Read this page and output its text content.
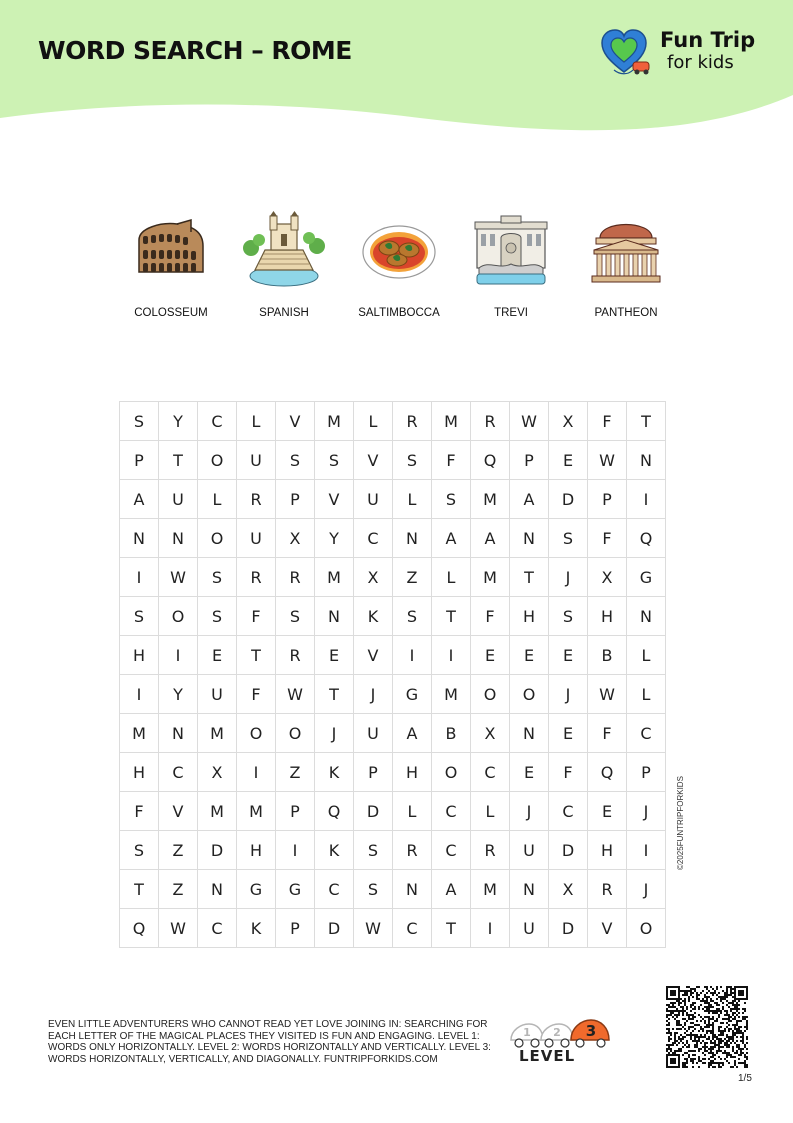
WORD SEARCH – ROME	Fun Trip
for kids
COLOSSEUM	SPANISH	SALTIMBOCCA	TREVI	PANTHEON
S	Y	C	L	V	M	L	R	M	R	W	X	F	T
P	T	O	U	S	S	V	S	F	Q	P	E	W	N
A	U	L	R	P	V	U	L	S	M	A	D	P	I
N	N	O	U	X	Y	C	N	A	A	N	S	F	Q
I	W	S	R	R	M	X	Z	L	M	T	J	X	G
S	O	S	F	S	N	K	S	T	F	H	S	H	N
H	I	E	T	R	E	V	I	I	E	E	E	B	L
I	Y	U	F	W	T	J	G	M	O	O	J	W	L
M	N	M	O	O	J	U	A	B	X	N	E	F	C
H	C	X	I	Z	K	P	H	O	C	E	F	Q	P
F	V	M	M	P	Q	D	L	C	L	J	C	E	J
S	Z	D	H	I	K	S	R	C	R	U	D	H	I
T	Z	N	G	G	C	S	N	A	M	N	X	R	J
Q	W	C	K	P	D	W	C	T	I	U	D	V	O
©2025FUNTRIPFORKIDS

EVEN LITTLE ADVENTURERS WHO CANNOT READ YET LOVE JOINING IN: SEARCHING FOR EACH LETTER OF THE MAGICAL PLACES THEY VISITED IS FUN AND ENGAGING. LEVEL 1: WORDS ONLY HORIZONTALLY. LEVEL 2: WORDS HORIZONTALLY AND VERTICALLY. LEVEL 3: WORDS HORIZONTALLY, VERTICALLY, AND DIAGONALLY. FUNTRIPFORKIDS.COM

1 2 3
LEVEL
1/5
